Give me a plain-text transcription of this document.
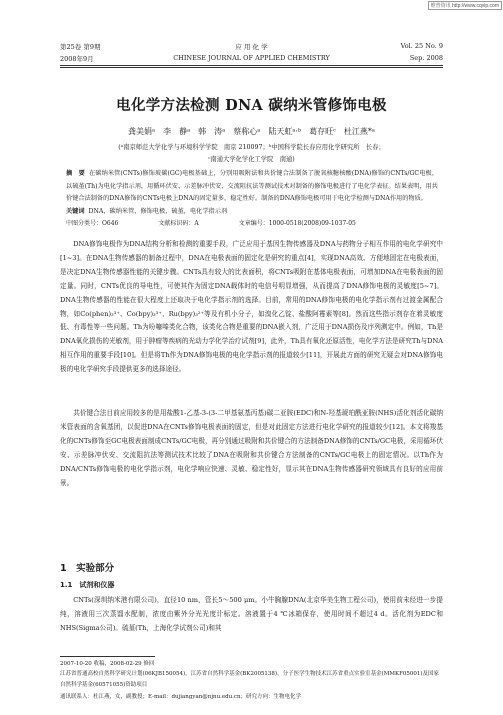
维普资讯 http://www.cqvip.com
第25卷 第9期	应 用 化 学	Vol. 25 No. 9
2008年9月	CHINESE JOURNAL OF APPLIED CHEMISTRY	Sep. 2008
电化学方法检测 DNA 碳纳米管修饰电极
龚美娟ᵃ　李　静ᵃ　韩　涛ᵃ　蔡称心ᵃ　陆天虹ᵃ·ᵇ　葛存旺ᶜ　杜江燕*ᵃ
(ᵃ南京师范大学化学与环境科学学院　南京 210097；ᵇ中国科学院长春应用化学研究所　长春；
ᶜ南通大学化学化工学院　南通)
摘　要 在碳纳米管(CNTs)修饰玻碳(GC)电极基础上，分别用吸附法和共价键合法制备了脱氧核糖核酸(DNA)修饰的CNTs/GC电极，以硫堇(Th)为电化学指示剂，用循环伏安、示差脉冲伏安、交流阻抗法等测试技术对制备的修饰电极进行了电化学表征。结果表明，用共价键合法制备的DNA修饰的CNTs电极上DNA的固定量多，稳定性好。制备的DNA修饰电极可用于电化学检测与DNA作用的物质。
关键词 DNA，碳纳米管，修饰电极，硫堇，电化学指示剂
中图分类号：O646	文献标识码：A	文章编号：1000-0518(2008)09-1037-05
DNA修饰电极作为DNA结构分析和检测的重要手段，广泛应用于基因生物传感器及DNA与药物分子相互作用的电化学研究中[1~3]。在DNA生物传感器的制备过程中，DNA在电极表面的固定化是研究的重点[4]，实现DNA高效、方便地固定在电极表面，是决定DNA生物传感器性能的关键步骤。CNTs具有较大的比表面积，将CNTs吸附在基体电极表面，可增加DNA在电极表面的固定量。同时，CNTs优良的导电性，可使其作为固定DNA载体时的电信号明显增强，从而提高了DNA修饰电极的灵敏度[5~7]。DNA生物传感器的性能在很大程度上还取决于电化学指示剂的选择。目前，常用的DNA修饰电极的电化学指示剂有过渡金属配合物，如Co(phen)₃³⁺、Co(bpy)₃³⁺、Ru(bpy)₃²⁺等及有机小分子，如溴化乙锭、盐酸阿霉素等[8]。然而这些指示剂存在着灵敏度低、有毒性等一些问题。Th为吩噻嗪类化合物，该类化合物是重要的DNA嵌入剂，广泛用于DNA损伤及序列测定中。例如，Th是DNA氧化损伤的光敏剂，用于肿瘤等疾病的光动力学化学治疗试剂[9]，此外，Th具有氧化还原活性，电化学方法是研究Th与DNA相互作用的重要手段[10]。但是将Th作为DNA修饰电极的电化学指示剂的报道较少[11]，开展此方面的研究无疑会对DNA修饰电极的电化学研究手段提供更多的选择途径。
共价键合法目前应用较多的是用盐酸1-乙基-3-(3-二甲基氨基丙基)碳二亚胺(EDC)和N-羟基琥珀酰亚胺(NHS)活化剂活化碳纳米管表面的含氧基团，以促进DNA在CNTs修饰电极表面的固定，但是对此固定方法进行电化学研究的报道较少[12]。本文将羧基化的CNTs修饰至GC电极表面制成CNTs/GC电极，再分别通过吸附和共价键合的方法制备DNA修饰的CNTs/GC电极，采用循环伏安、示差脉冲伏安、交流阻抗法等测试技术比较了DNA在吸附和共价键合方法制备的CNTs/GC电极上的固定情况。以Th作为DNA/CNTs修饰电极的电化学指示剂，电化学响应快速、灵敏、稳定性好，显示其在DNA生物传感器研究领域具有良好的应用前景。
1　实验部分
1.1　试剂和仪器
CNTs(深圳纳米港有限公司)，直径10 nm，管长5～500 μm。小牛胸腺DNA(北京华美生物工程公司)，使用前未经进一步提纯，溶液用三次蒸馏水配制，浓度由紫外分光光度计标定。溶液置于4 ℃冰箱保存，使用时间不超过4 d。活化剂为EDC和NHS(Sigma公司)。硫堇(Th，上海化学试剂公司)和其
2007-10-20 收稿，2008-02-29 修回
江苏省普通高校自然科学研究计划(06KJB150054)，江苏省自然科学基金(BK2005138)，分子医学生物技术江苏省重点实验室基金(MMKF05001)及国家自然科学基金(60571055)资助项目
通讯联系人：杜江燕，女，副教授；E-mail：dujiangyan@njnu.edu.cn；研究方向：生物电化学
